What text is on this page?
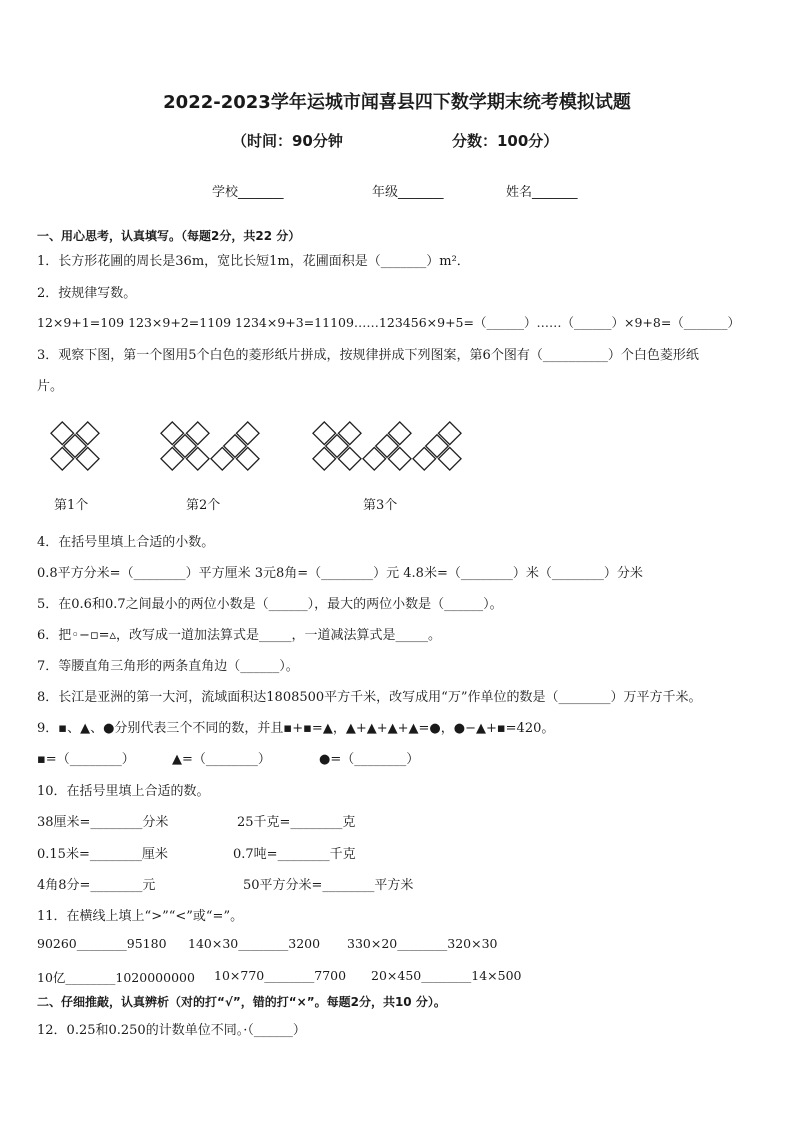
2022-2023学年运城市闻喜县四下数学期末统考模拟试题
（时间：90分钟	分数：100分）
学校_______	年级_______	姓名_______
一、用心思考，认真填写。（每题2分，共22 分）
1．长方形花圃的周长是36m，宽比长短1m，花圃面积是（_______）m²．
2．按规律写数。
12×9+1=109 123×9+2=1109 1234×9+3=11109……123456×9+5=（______）……（______）×9+8=（_______）
3．观察下图，第一个图用5个白色的菱形纸片拼成，按规律拼成下列图案，第6个图有（__________）个白色菱形纸
片。
第1个	第2个	第3个
4．在括号里填上合适的小数。
0.8平方分米=（________）平方厘米 3元8角=（________）元 4.8米=（________）米（________）分米
5．在0.6和0.7之间最小的两位小数是（______），最大的两位小数是（______）。
6．把◦−▫=▵，改写成一道加法算式是_____，一道减法算式是_____。
7．等腰直角三角形的两条直角边（______）。
8．长江是亚洲的第一大河，流域面积达1808500平方千米，改写成用“万”作单位的数是（________）万平方千米。
9．▪、▲、●分别代表三个不同的数，并且▪+▪=▲，▲+▲+▲+▲=●，●−▲+▪=420。
▪=（________）	▲=（________）	●=（________）
10．在括号里填上合适的数。
38厘米=________分米	25千克=________克
0.15米=________厘米	0.7吨=________千克
4角8分=________元	50平方分米=________平方米
11．在横线上填上“>”“<”或“=”。
90260________95180 140×30________3200 330×20________320×30
10亿________1020000000 10×770________7700 20×450________14×500
二、仔细推敲，认真辨析（对的打“√”，错的打“×”。每题2分，共10 分）。
12．0.25和0.250的计数单位不同。·（______）
